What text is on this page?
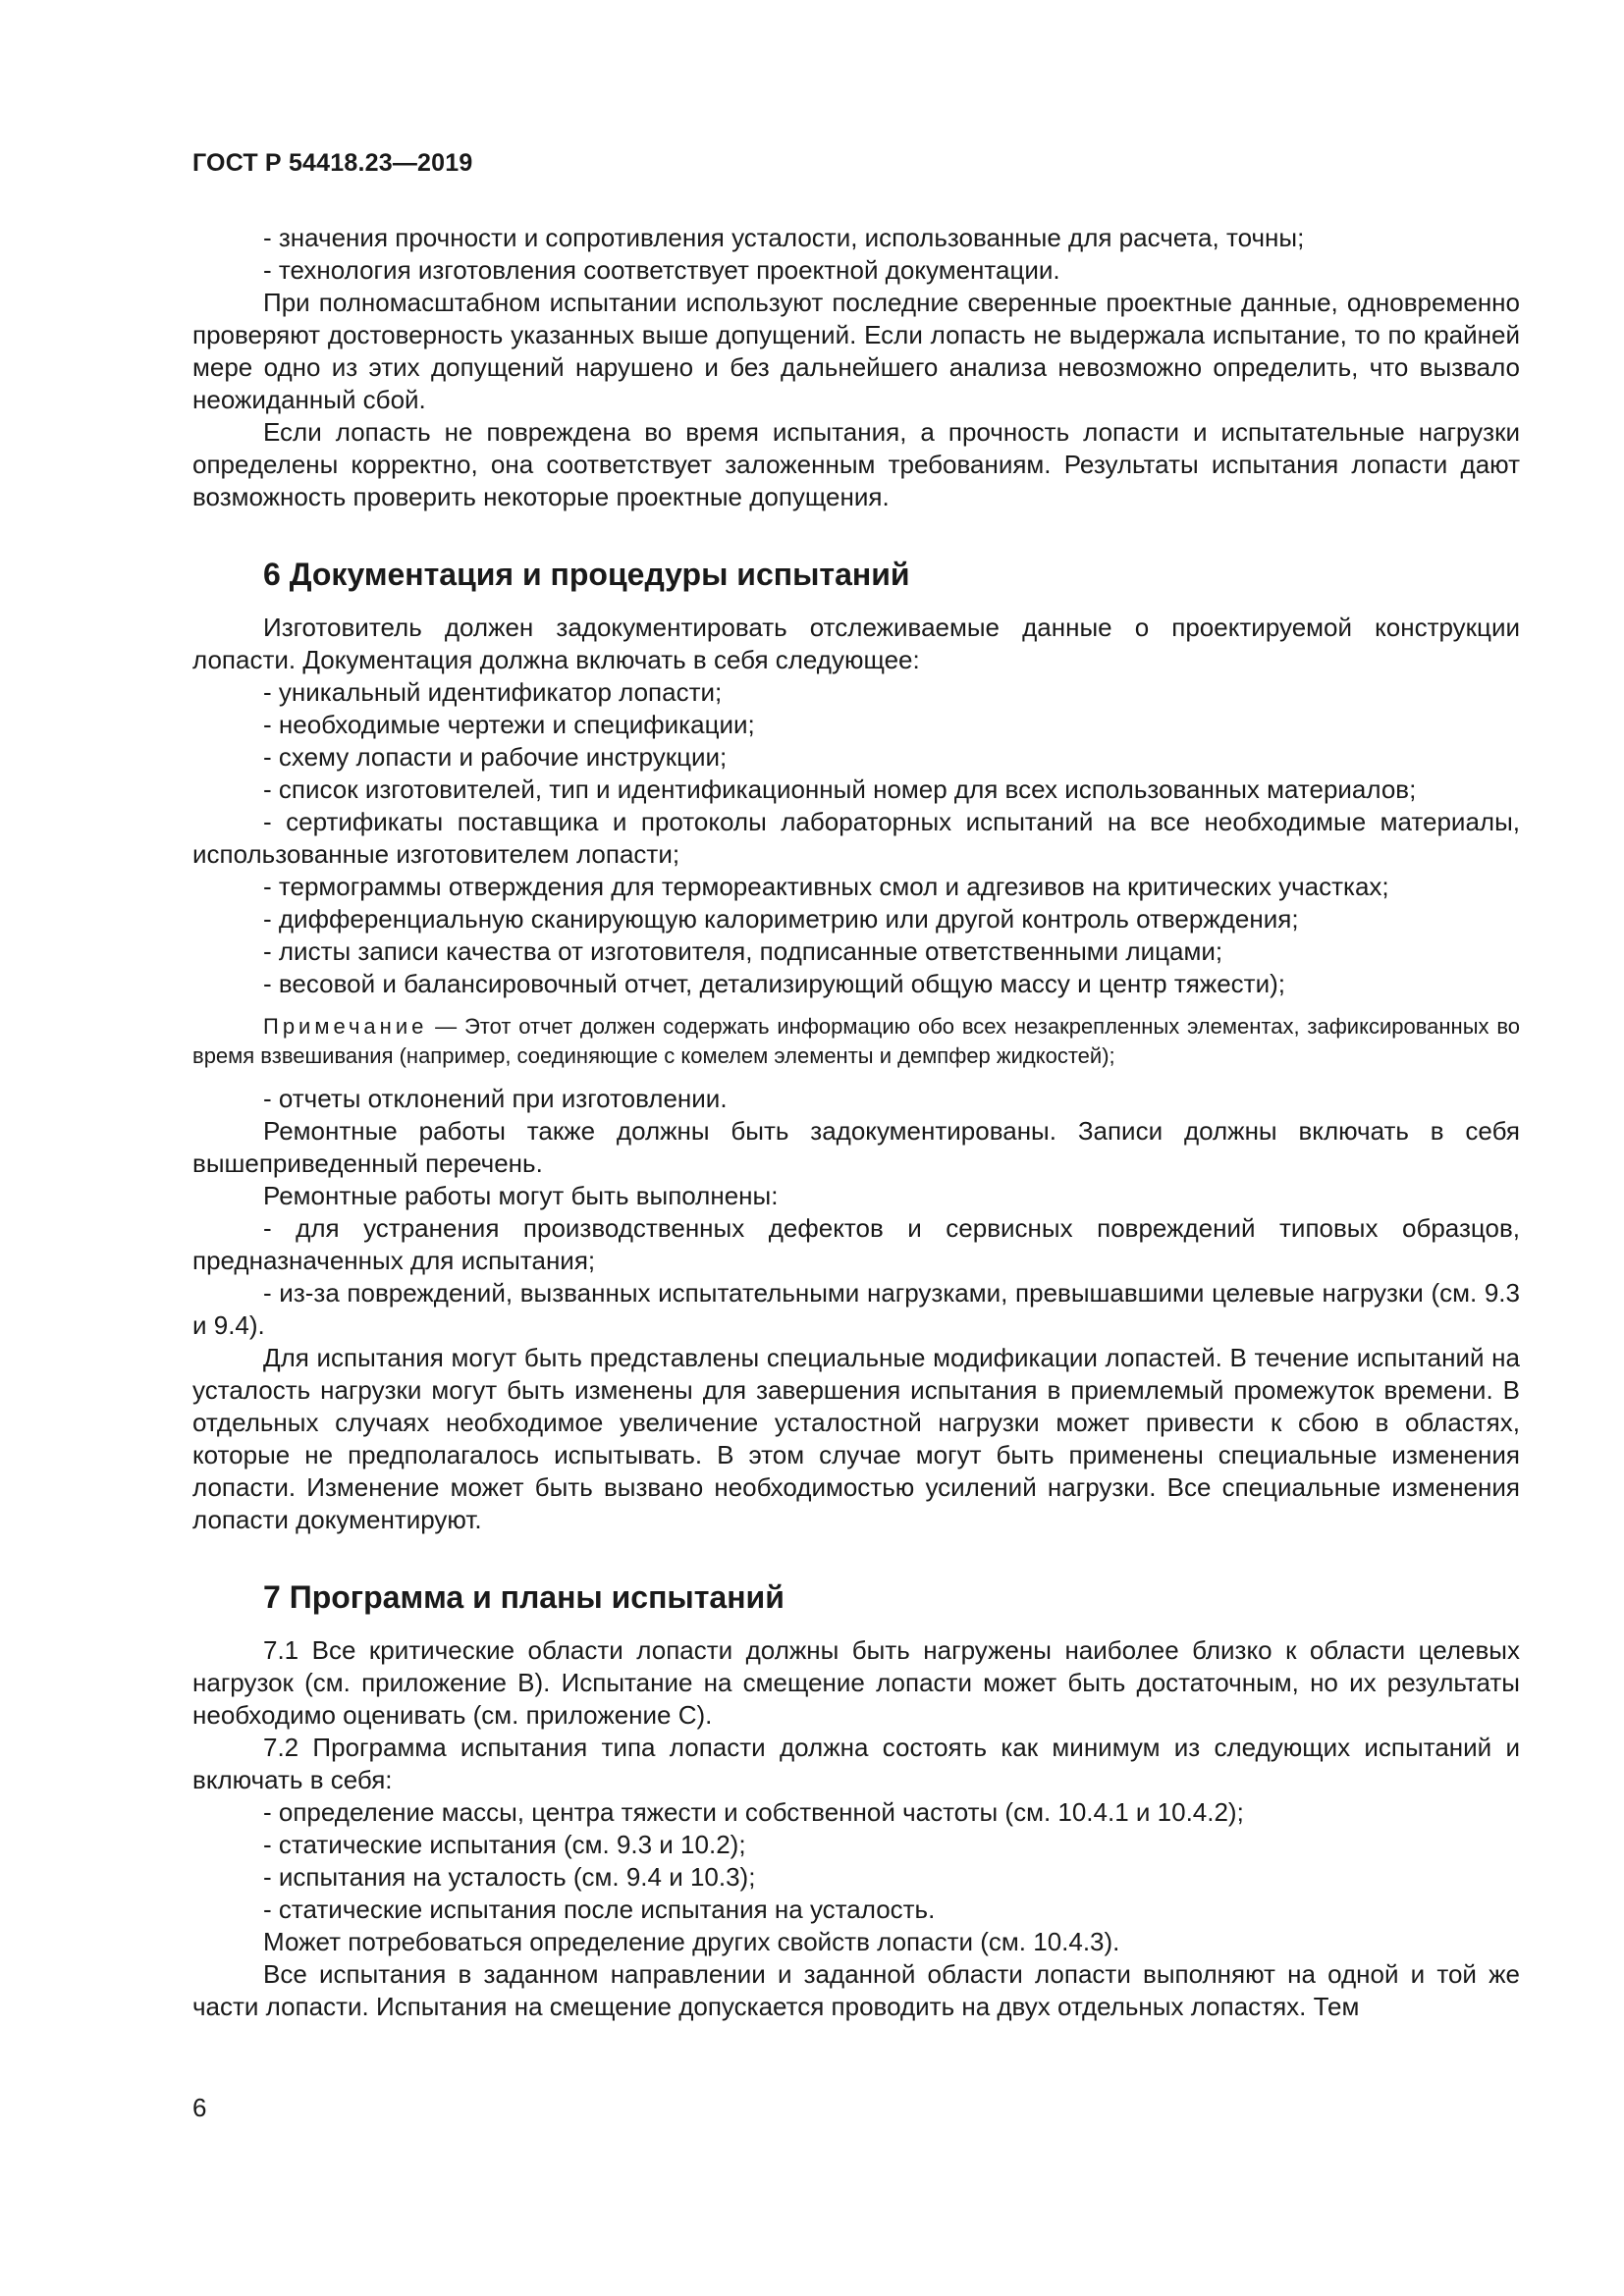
ГОСТ Р 54418.23—2019

- значения прочности и сопротивления усталости, использованные для расчета, точны;

- технология изготовления соответствует проектной документации.

При полномасштабном испытании используют последние сверенные проектные данные, одновременно проверяют достоверность указанных выше допущений. Если лопасть не выдержала испытание, то по крайней мере одно из этих допущений нарушено и без дальнейшего анализа невозможно определить, что вызвало неожиданный сбой.

Если лопасть не повреждена во время испытания, а прочность лопасти и испытательные нагрузки определены корректно, она соответствует заложенным требованиям. Результаты испытания лопасти дают возможность проверить некоторые проектные допущения.

6 Документация и процедуры испытаний

Изготовитель должен задокументировать отслеживаемые данные о проектируемой конструкции лопасти. Документация должна включать в себя следующее:

- уникальный идентификатор лопасти;

- необходимые чертежи и спецификации;

- схему лопасти и рабочие инструкции;

- список изготовителей, тип и идентификационный номер для всех использованных материалов;

- сертификаты поставщика и протоколы лабораторных испытаний на все необходимые материалы, использованные изготовителем лопасти;

- термограммы отверждения для термореактивных смол и адгезивов на критических участках;

- дифференциальную сканирующую калориметрию или другой контроль отверждения;

- листы записи качества от изготовителя, подписанные ответственными лицами;

- весовой и балансировочный отчет, детализирующий общую массу и центр тяжести);

Примечание — Этот отчет должен содержать информацию обо всех незакрепленных элементах, зафиксированных во время взвешивания (например, соединяющие с комелем элементы и демпфер жидкостей);

- отчеты отклонений при изготовлении.

Ремонтные работы также должны быть задокументированы. Записи должны включать в себя вышеприведенный перечень.

Ремонтные работы могут быть выполнены:

- для устранения производственных дефектов и сервисных повреждений типовых образцов, предназначенных для испытания;

- из-за повреждений, вызванных испытательными нагрузками, превышавшими целевые нагрузки (см. 9.3 и 9.4).

Для испытания могут быть представлены специальные модификации лопастей. В течение испытаний на усталость нагрузки могут быть изменены для завершения испытания в приемлемый промежуток времени. В отдельных случаях необходимое увеличение усталостной нагрузки может привести к сбою в областях, которые не предполагалось испытывать. В этом случае могут быть применены специальные изменения лопасти. Изменение может быть вызвано необходимостью усилений нагрузки. Все специальные изменения лопасти документируют.

7 Программа и планы испытаний

7.1 Все критические области лопасти должны быть нагружены наиболее близко к области целевых нагрузок (см. приложение B). Испытание на смещение лопасти может быть достаточным, но их результаты необходимо оценивать (см. приложение C).

7.2 Программа испытания типа лопасти должна состоять как минимум из следующих испытаний и включать в себя:

- определение массы, центра тяжести и собственной частоты (см. 10.4.1 и 10.4.2);

- статические испытания (см. 9.3 и 10.2);

- испытания на усталость (см. 9.4 и 10.3);

- статические испытания после испытания на усталость.

Может потребоваться определение других свойств лопасти (см. 10.4.3).

Все испытания в заданном направлении и заданной области лопасти выполняют на одной и той же части лопасти. Испытания на смещение допускается проводить на двух отдельных лопастях. Тем

6
